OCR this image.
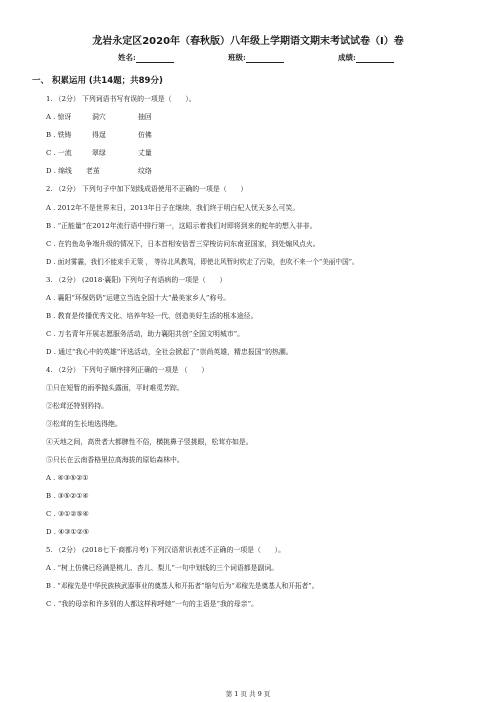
龙岩永定区2020年（春秋版）八年级上学期语文期末考试试卷（I）卷
姓名:	班级:	成绩:
一、 积累运用 (共14题；共89分)
1. （2分） 下列词语书写有误的一项是（　　）。
A . 惊讶	洞穴	抽回
B . 铁铸	得逞	仿佛
C . 一流	翠绿	丈量
D . 绵线 老茧	纹络
2. （2分） 下列句子中加下划线成语使用不正确的一项是（　　）
A . 2012年不是世界末日，2013年日子在继续，我们终于明白杞人忧天多么可笑。
B . “正能量”在2012年流行语中排行第一，这昭示着我们对即将到来的蛇年的想入非非。
C . 在钓鱼岛争端升级的情况下，日本首相安倍晋三穿梭访问东南亚国家，到处煽风点火。
D . 面对雾霾，我们不能束手无策 ， 等待北风教驾，即使北风暂时吹走了污染，也吹不来一个“美丽中国”。
3. （2分） (2018·襄阳) 下列句子有语病的一项是（　　）
A . 襄阳“环保奶奶”运建立当选全国十大“最美家乡人”称号。
B . 教育是传播优秀文化、培养年轻一代、创造美好生活的根本途径。
C . 万名青年开展志愿服务活动，助力襄阳共创“全国文明城市”。
D . 通过“我心中的英雄”评选活动，全社会掀起了“崇尚英雄，精忠报国”的热潮。
4. （2分） 下列句子顺序排列正确的一项是 （　　）
①只在短暂的雨季抛头露面，平时难觅芳踪。
②松茸还特别矜持。
③松茸的生长地选得绝。
④天地之间，高贵者大都脾性不俗，横挑鼻子竖挑眼，松茸亦如是。
⑤只长在云南香格里拉高海拔的原始森林中。
A . ④③⑤②①
B . ③⑤②①④
C . ③①②⑤④
D . ④③①②⑤
5. （2分） (2018七下·商都月考) 下列汉语常识表述不正确的一项是（　　）。
A . “树上仿佛已经满是桃儿、杏儿、梨儿”一句中划线的三个词语都是副词。
B . “邓稼先是中华民族核武器事业的奠基人和开拓者”缩句后为“邓稼先是奠基人和开拓者”。
C . “我的母亲和许多别的人都这样称呼她”一句的主语是“我的母亲”。
第 1 页 共 9 页
